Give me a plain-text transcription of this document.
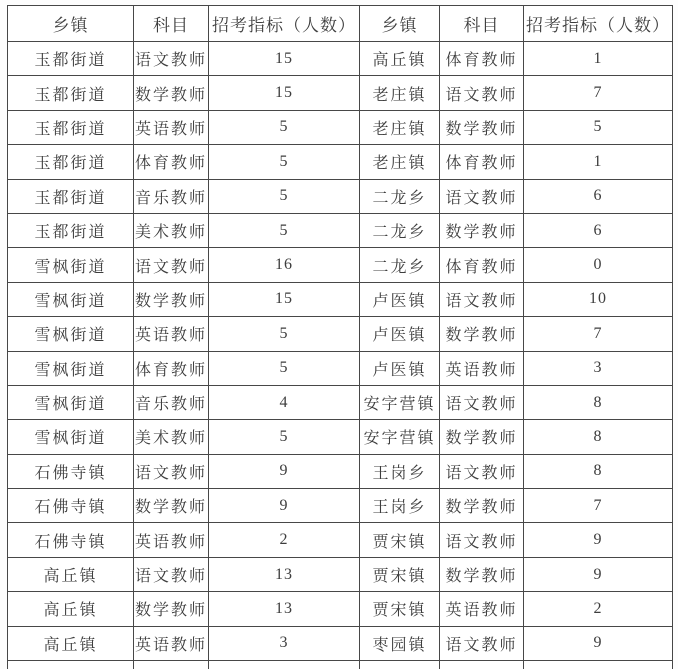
乡镇	科目	招考指标（人数）	乡镇	科目	招考指标（人数）
玉都街道	语文教师	15	高丘镇	体育教师	1
玉都街道	数学教师	15	老庄镇	语文教师	7
玉都街道	英语教师	5	老庄镇	数学教师	5
玉都街道	体育教师	5	老庄镇	体育教师	1
玉都街道	音乐教师	5	二龙乡	语文教师	6
玉都街道	美术教师	5	二龙乡	数学教师	6
雪枫街道	语文教师	16	二龙乡	体育教师	0
雪枫街道	数学教师	15	卢医镇	语文教师	10
雪枫街道	英语教师	5	卢医镇	数学教师	7
雪枫街道	体育教师	5	卢医镇	英语教师	3
雪枫街道	音乐教师	4	安字营镇	语文教师	8
雪枫街道	美术教师	5	安字营镇	数学教师	8
石佛寺镇	语文教师	9	王岗乡	语文教师	8
石佛寺镇	数学教师	9	王岗乡	数学教师	7
石佛寺镇	英语教师	2	贾宋镇	语文教师	9
高丘镇	语文教师	13	贾宋镇	数学教师	9
高丘镇	数学教师	13	贾宋镇	英语教师	2
高丘镇	英语教师	3	枣园镇	语文教师	9
